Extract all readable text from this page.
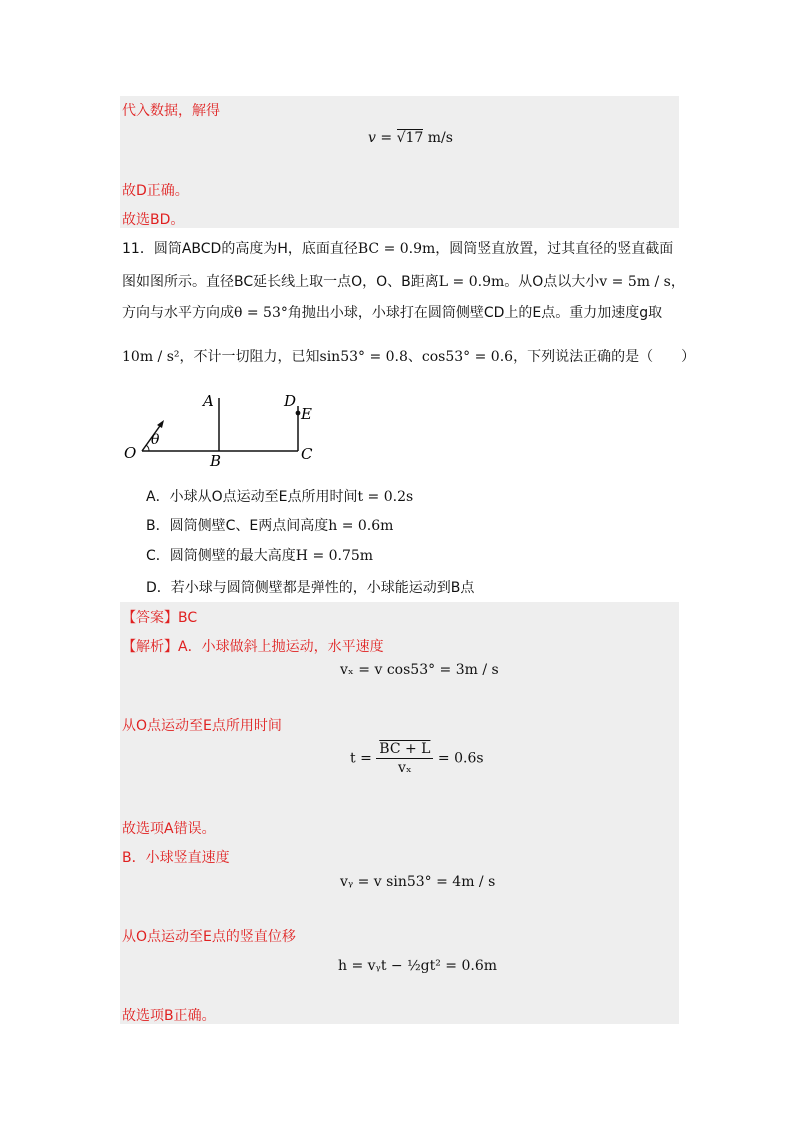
代入数据，解得
v = √17 m/s
故D正确。
故选BD。
11．圆筒ABCD的高度为H，底面直径BC = 0.9m，圆筒竖直放置，过其直径的竖直截面
图如图所示。直径BC延长线上取一点O，O、B距离L = 0.9m。从O点以大小v = 5m / s，
方向与水平方向成θ = 53°角抛出小球，小球打在圆筒侧壁CD上的E点。重力加速度g取
10m / s²，不计一切阻力，已知sin53° = 0.8、cos53° = 0.6，下列说法正确的是（　　）
A
B	C
D
E
O
θ
A．小球从O点运动至E点所用时间t = 0.2s
B．圆筒侧壁C、E两点间高度h = 0.6m
C．圆筒侧壁的最大高度H = 0.75m
D．若小球与圆筒侧壁都是弹性的，小球能运动到B点
【答案】BC
【解析】A．小球做斜上抛运动，水平速度
vₓ = v cos53° = 3m / s
从O点运动至E点所用时间
$t = \frac{BC + L}{\text{vₓ}} = 0.6s$
故选项A错误。
B．小球竖直速度
vᵧ = v sin53° = 4m / s
从O点运动至E点的竖直位移
h = vᵧt − ½gt² = 0.6m
故选项B正确。
